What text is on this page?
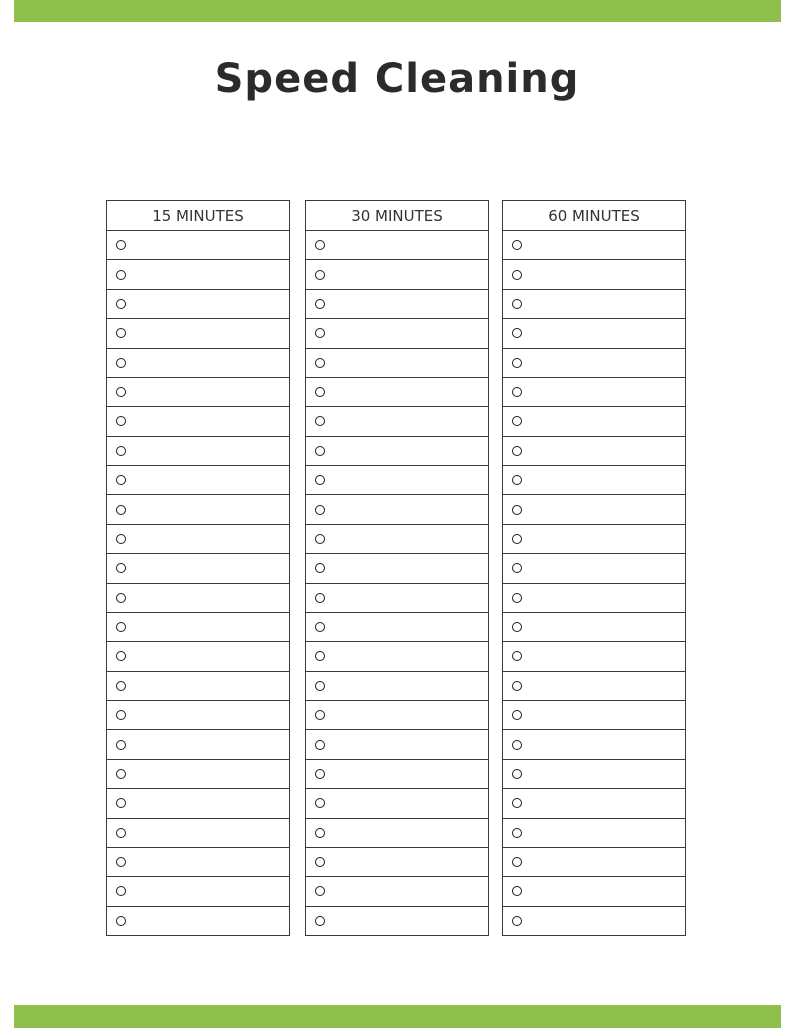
Speed Cleaning
15 MINUTES	30 MINUTES	60 MINUTES
